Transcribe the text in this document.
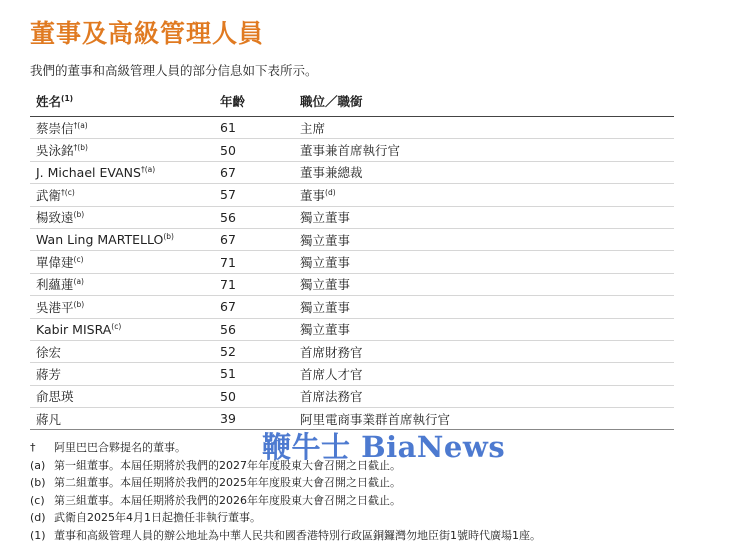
董事及高級管理人員
我們的董事和高級管理人員的部分信息如下表所示。
姓名$^{(1)}$	年齡	職位／職銜
蔡崇信$^{\dagger(a)}$	61	主席
吳泳銘$^{\dagger(b)}$	50	董事兼首席執行官
J. Michael EVANS$^{\dagger(a)}$	67	董事兼總裁
武衛$^{\dagger(c)}$	57	董事$^{(d)}$
楊致遠$^{(b)}$	56	獨立董事
Wan Ling MARTELLO$^{(b)}$	67	獨立董事
單偉建$^{(c)}$	71	獨立董事
利蘊蓮$^{(a)}$	71	獨立董事
吳港平$^{(b)}$	67	獨立董事
Kabir MISRA$^{(c)}$	56	獨立董事
徐宏	52	首席財務官
蔣芳	51	首席人才官
俞思瑛	50	首席法務官
蔣凡	39	阿里電商事業群首席執行官
鞭牛士 BiaNews
†	阿里巴巴合夥提名的董事。
(a) 第一組董事。本屆任期將於我們的2027年年度股東大會召開之日截止。
(b) 第二組董事。本屆任期將於我們的2025年年度股東大會召開之日截止。
(c) 第三組董事。本屆任期將於我們的2026年年度股東大會召開之日截止。
(d) 武衛自2025年4月1日起擔任非執行董事。
(1) 董事和高級管理人員的辦公地址為中華人民共和國香港特別行政區銅鑼灣勿地臣街1號時代廣場1座。
